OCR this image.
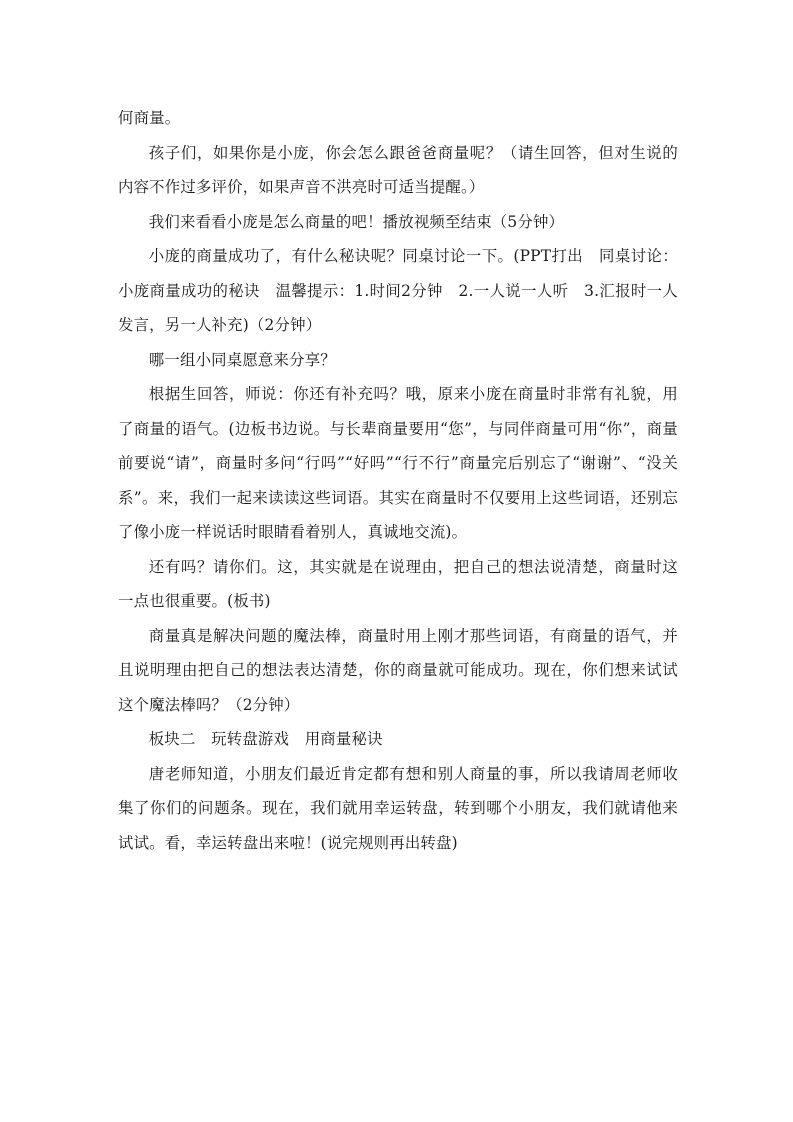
何商量。

孩子们，如果你是小庞，你会怎么跟爸爸商量呢？（请生回答，但对生说的内容不作过多评价，如果声音不洪亮时可适当提醒。）

我们来看看小庞是怎么商量的吧！播放视频至结束（5分钟）

小庞的商量成功了，有什么秘诀呢？同桌讨论一下。(PPT打出　同桌讨论：小庞商量成功的秘诀　温馨提示：1.时间2分钟　2.一人说一人听　3.汇报时一人发言，另一人补充)（2分钟）

哪一组小同桌愿意来分享？

根据生回答，师说：你还有补充吗？哦，原来小庞在商量时非常有礼貌，用了商量的语气。(边板书边说。与长辈商量要用“您”，与同伴商量可用“你”，商量前要说“请”，商量时多问“行吗”“好吗”“行不行”商量完后别忘了“谢谢”、“没关系”。来，我们一起来读读这些词语。其实在商量时不仅要用上这些词语，还别忘了像小庞一样说话时眼睛看着别人，真诚地交流)。

还有吗？请你们。这，其实就是在说理由，把自己的想法说清楚，商量时这一点也很重要。(板书)

商量真是解决问题的魔法棒，商量时用上刚才那些词语，有商量的语气，并且说明理由把自己的想法表达清楚，你的商量就可能成功。现在，你们想来试试这个魔法棒吗？（2分钟）

板块二　玩转盘游戏　用商量秘诀

唐老师知道，小朋友们最近肯定都有想和别人商量的事，所以我请周老师收集了你们的问题条。现在，我们就用幸运转盘，转到哪个小朋友，我们就请他来试试。看，幸运转盘出来啦！(说完规则再出转盘)
